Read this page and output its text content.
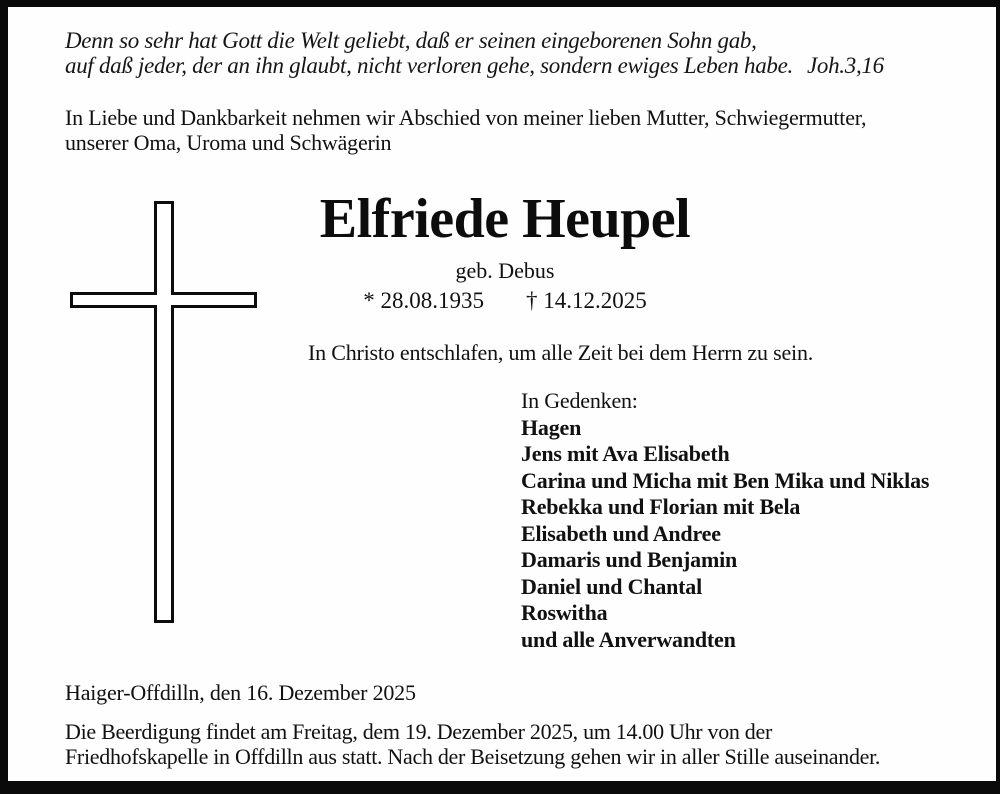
Denn so sehr hat Gott die Welt geliebt, daß er seinen eingeborenen Sohn gab,
auf daß jeder, der an ihn glaubt, nicht verloren gehe, sondern ewiges Leben habe. Joh.3,16
In Liebe und Dankbarkeit nehmen wir Abschied von meiner lieben Mutter, Schwiegermutter,
unserer Oma, Uroma und Schwägerin
Elfriede Heupel
geb. Debus
* 28.08.1935 † 14.12.2025
In Christo entschlafen, um alle Zeit bei dem Herrn zu sein.
In Gedenken:
Hagen
Jens mit Ava Elisabeth
Carina und Micha mit Ben Mika und Niklas
Rebekka und Florian mit Bela
Elisabeth und Andree
Damaris und Benjamin
Daniel und Chantal
Roswitha
und alle Anverwandten
Haiger-Offdilln, den 16. Dezember 2025
Die Beerdigung findet am Freitag, dem 19. Dezember 2025, um 14.00 Uhr von der
Friedhofskapelle in Offdilln aus statt. Nach der Beisetzung gehen wir in aller Stille auseinander.
